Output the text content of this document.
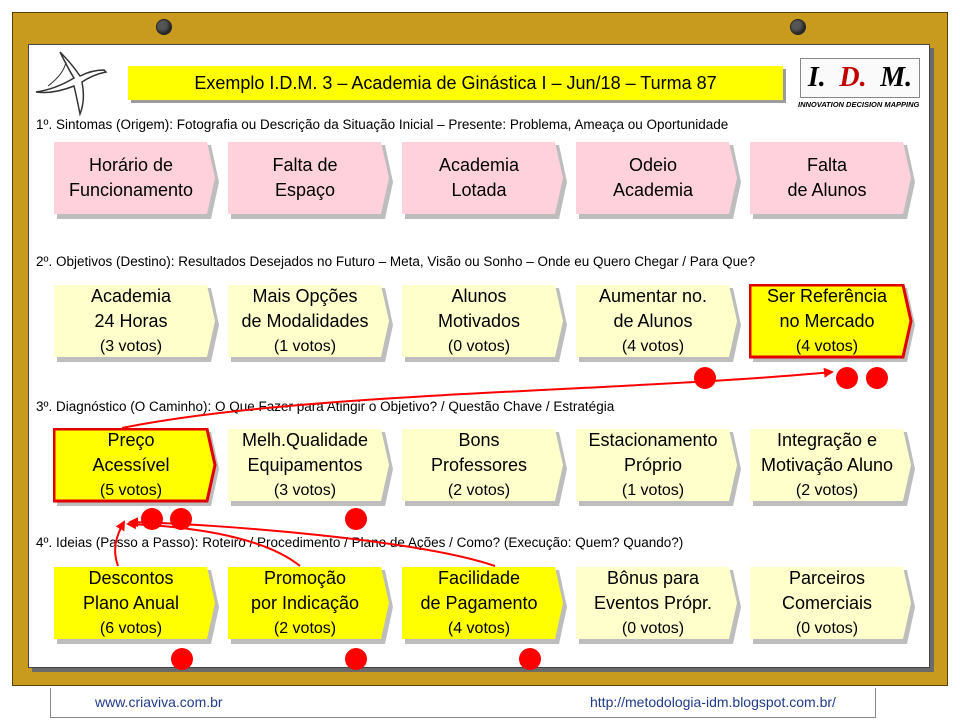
www.criaviva.com.br	http://metodologia-idm.blogspot.com.br/
Exemplo I.D.M. 3 – Academia de Ginástica I – Jun/18 – Turma 87	I. D. M.
INNOVATION DECISION MAPPING
1º. Sintomas (Origem): Fotografia ou Descrição da Situação Inicial – Presente: Problema, Ameaça ou Oportunidade
2º. Objetivos (Destino): Resultados Desejados no Futuro – Meta, Visão ou Sonho – Onde eu Quero Chegar / Para Que?
3º. Diagnóstico (O Caminho): O Que Fazer para Atingir o Objetivo? / Questão Chave / Estratégia
4º. Ideias (Passo a Passo): Roteiro / Procedimento / Plano de Ações / Como? (Execução: Quem? Quando?)
Horário de
Funcionamento
Falta de
Espaço
Academia
Lotada
Odeio
Academia
Falta
de Alunos
Academia
24 Horas
(3 votos)
Mais Opções
de Modalidades
(1 votos)
Alunos
Motivados
(0 votos)
Aumentar no.
de Alunos
(4 votos)
Ser Referência
no Mercado
(4 votos)
Preço
Acessível
(5 votos)
Melh.Qualidade
Equipamentos
(3 votos)
Bons
Professores
(2 votos)
Estacionamento
Próprio
(1 votos)
Integração e
Motivação Aluno
(2 votos)
Descontos
Plano Anual
(6 votos)
Promoção
por Indicação
(2 votos)
Facilidade
de Pagamento
(4 votos)
Bônus para
Eventos Própr.
(0 votos)
Parceiros
Comerciais
(0 votos)
